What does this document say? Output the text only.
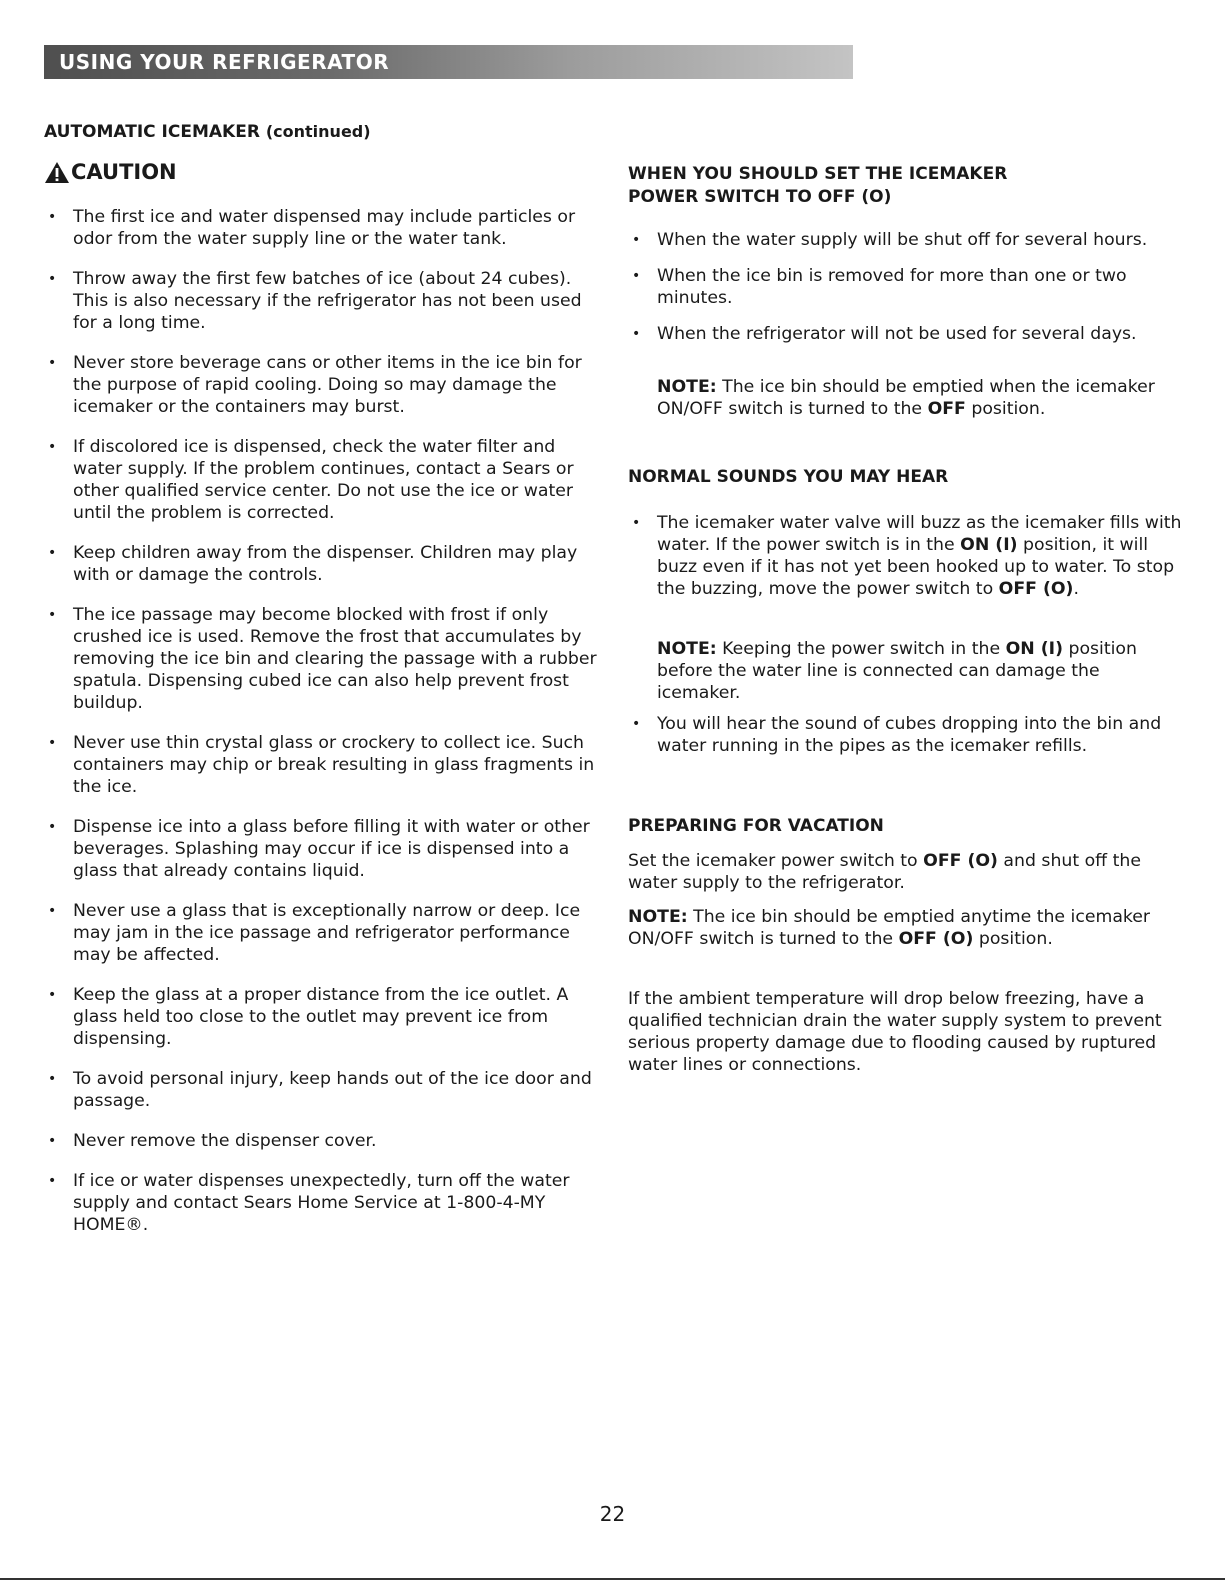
USING YOUR REFRIGERATOR
AUTOMATIC ICEMAKER (continued)
CAUTION
• The first ice and water dispensed may include particles or odor from the water supply line or the water tank.
• Throw away the first few batches of ice (about 24 cubes). This is also necessary if the refrigerator has not been used for a long time.
• Never store beverage cans or other items in the ice bin for the purpose of rapid cooling. Doing so may damage the icemaker or the containers may burst.
• If discolored ice is dispensed, check the water filter and water supply. If the problem continues, contact a Sears or other qualified service center. Do not use the ice or water until the problem is corrected.
• Keep children away from the dispenser. Children may play with or damage the controls.
• The ice passage may become blocked with frost if only crushed ice is used. Remove the frost that accumulates by removing the ice bin and clearing the passage with a rubber spatula. Dispensing cubed ice can also help prevent frost buildup.
• Never use thin crystal glass or crockery to collect ice. Such containers may chip or break resulting in glass fragments in the ice.
• Dispense ice into a glass before filling it with water or other beverages. Splashing may occur if ice is dispensed into a glass that already contains liquid.
• Never use a glass that is exceptionally narrow or deep. Ice may jam in the ice passage and refrigerator performance may be affected.
• Keep the glass at a proper distance from the ice outlet. A glass held too close to the outlet may prevent ice from dispensing.
• To avoid personal injury, keep hands out of the ice door and passage.
• Never remove the dispenser cover.
• If ice or water dispenses unexpectedly, turn off the water supply and contact Sears Home Service at 1-800-4-MY HOME®.
WHEN YOU SHOULD SET THE ICEMAKER
POWER SWITCH TO OFF (O)
• When the water supply will be shut off for several hours.
• When the ice bin is removed for more than one or two minutes.
• When the refrigerator will not be used for several days.

NOTE: The ice bin should be emptied when the icemaker ON/OFF switch is turned to the OFF position.

NORMAL SOUNDS YOU MAY HEAR
• The icemaker water valve will buzz as the icemaker fills with water. If the power switch is in the ON (I) position, it will buzz even if it has not yet been hooked up to water. To stop the buzzing, move the power switch to OFF (O).

NOTE: Keeping the power switch in the ON (I) position before the water line is connected can damage the icemaker.

• You will hear the sound of cubes dropping into the bin and water running in the pipes as the icemaker refills.
PREPARING FOR VACATION

Set the icemaker power switch to OFF (O) and shut off the water supply to the refrigerator.

NOTE: The ice bin should be emptied anytime the icemaker ON/OFF switch is turned to the OFF (O) position.

If the ambient temperature will drop below freezing, have a qualified technician drain the water supply system to prevent serious property damage due to flooding caused by ruptured water lines or connections.

22
